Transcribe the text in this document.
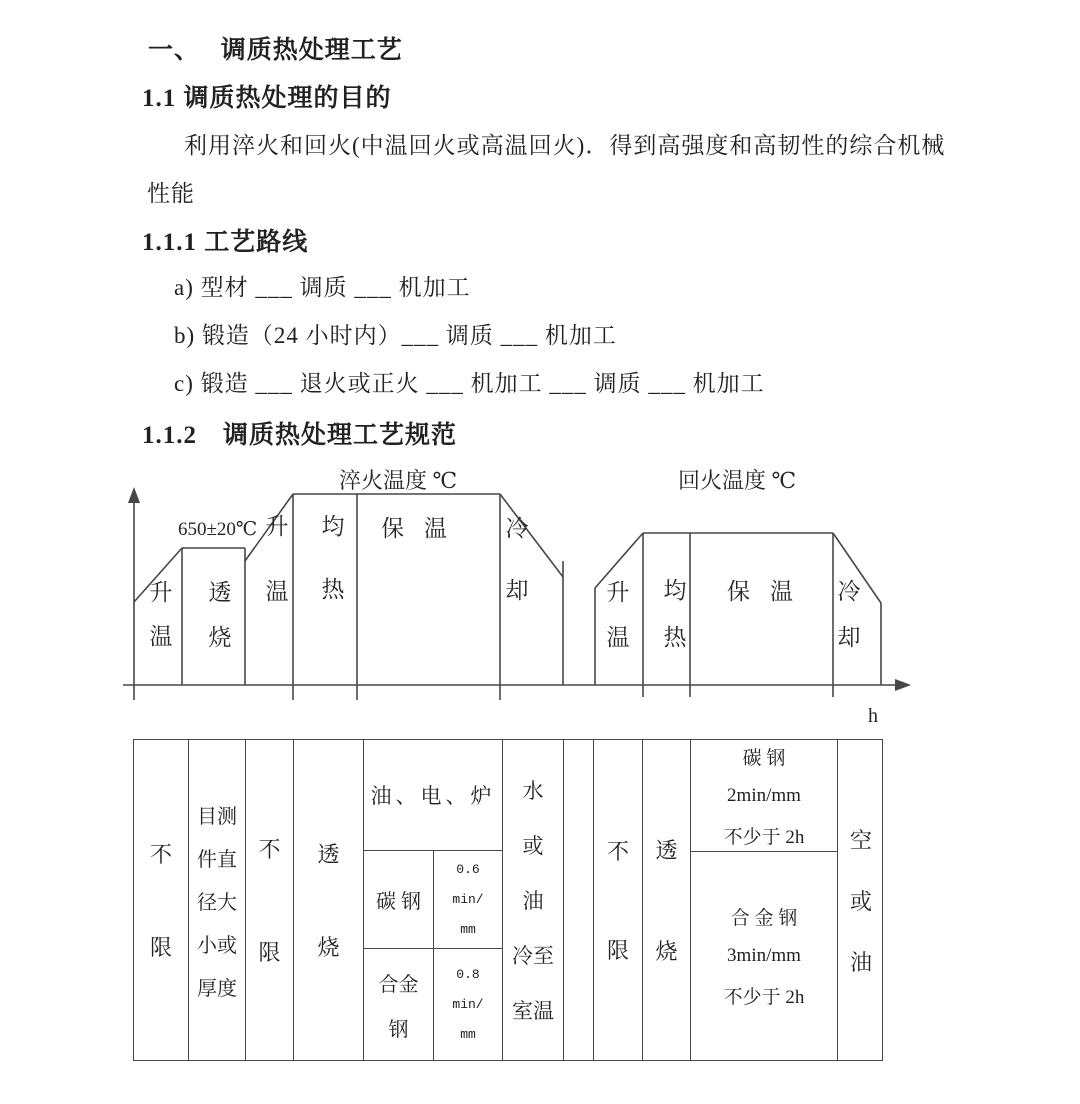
一、　 调质热处理工艺
1.1 调质热处理的目的
利用淬火和回火(中温回火或高温回火)．得到高强度和高韧性的综合机械
性能
1.1.1 工艺路线
a) 型材 ___ 调质 ___ 机加工
b) 锻造（24 小时内）___ 调质 ___ 机加工
c) 锻造 ___ 退火或正火 ___ 机加工 ___ 调质 ___ 机加工
1.1.2　调质热处理工艺规范
h
淬火温度 ℃	回火温度 ℃
650±20℃
升温
透烧
升温
均热
保温 冷却	升温
均热
保温 冷却
不
限
目测
件直
径大
小或
厚度
不
限
透
烧
油、电、炉
碳 钢
0.6
min/
mm
合金
钢
0.8
min/
mm
水
或
油
冷至
室温
不
限
透
烧
碳 钢
2min/mm
不少于 2h
合 金 钢
3min/mm
不少于 2h
空
或
油
